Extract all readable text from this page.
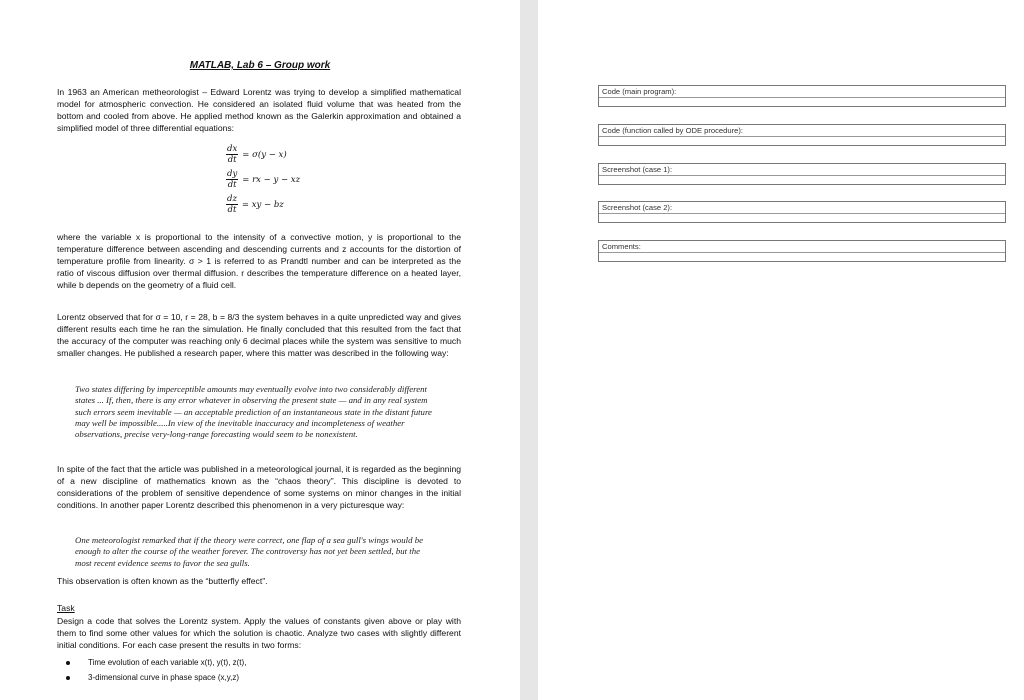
MATLAB, Lab 6 – Group work
In 1963 an American metheorologist – Edward Lorentz was trying to develop a simplified mathematical model for atmospheric convection. He considered an isolated fluid volume that was heated from the bottom and cooled from above. He applied method known as the Galerkin approximation and obtained a simplified model of three differential equations:
$\frac{dx}{dt} = \sigma(y - x)$
$\frac{dy}{dt}$ = rx − y − xz
$\frac{dz}{dt}$ = xy − bz
where the variable x is proportional to the intensity of a convective motion, y is proportional to the temperature difference between ascending and descending currents and z accounts for the distortion of temperature profile from linearity. σ > 1 is referred to as Prandtl number and can be interpreted as the ratio of viscous diffusion over thermal diffusion. r describes the temperature difference on a heated layer, while b depends on the geometry of a fluid cell.
Lorentz observed that for σ = 10, r = 28, b = 8/3 the system behaves in a quite unpredicted way and gives different results each time he ran the simulation. He finally concluded that this resulted from the fact that the accuracy of the computer was reaching only 6 decimal places while the system was sensitive to much smaller changes. He published a research paper, where this matter was described in the following way:
Two states differing by imperceptible amounts may eventually evolve into two considerably different states ... If, then, there is any error whatever in observing the present state — and in any real system such errors seem inevitable — an acceptable prediction of an instantaneous state in the distant future may well be impossible.....In view of the inevitable inaccuracy and incompleteness of weather observations, precise very-long-range forecasting would seem to be nonexistent.
In spite of the fact that the article was published in a meteorological journal, it is regarded as the beginning of a new discipline of mathematics known as the “chaos theory”. This discipline is devoted to considerations of the problem of sensitive dependence of some systems on minor changes in the initial conditions. In another paper Lorentz described this phenomenon in a very picturesque way:
One meteorologist remarked that if the theory were correct, one flap of a sea gull's wings would be enough to alter the course of the weather forever. The controversy has not yet been settled, but the most recent evidence seems to favor the sea gulls.
This observation is often known as the “butterfly effect”.
Task
Design a code that solves the Lorentz system. Apply the values of constants given above or play with them to find some other values for which the solution is chaotic. Analyze two cases with slightly different initial conditions. For each case present the results in two forms:
Time evolution of each variable x(t), y(t), z(t),
3-dimensional curve in phase space (x,y,z)
Code (main program):
Code (function called by ODE procedure):
Screenshot (case 1):
Screenshot (case 2):
Comments:
